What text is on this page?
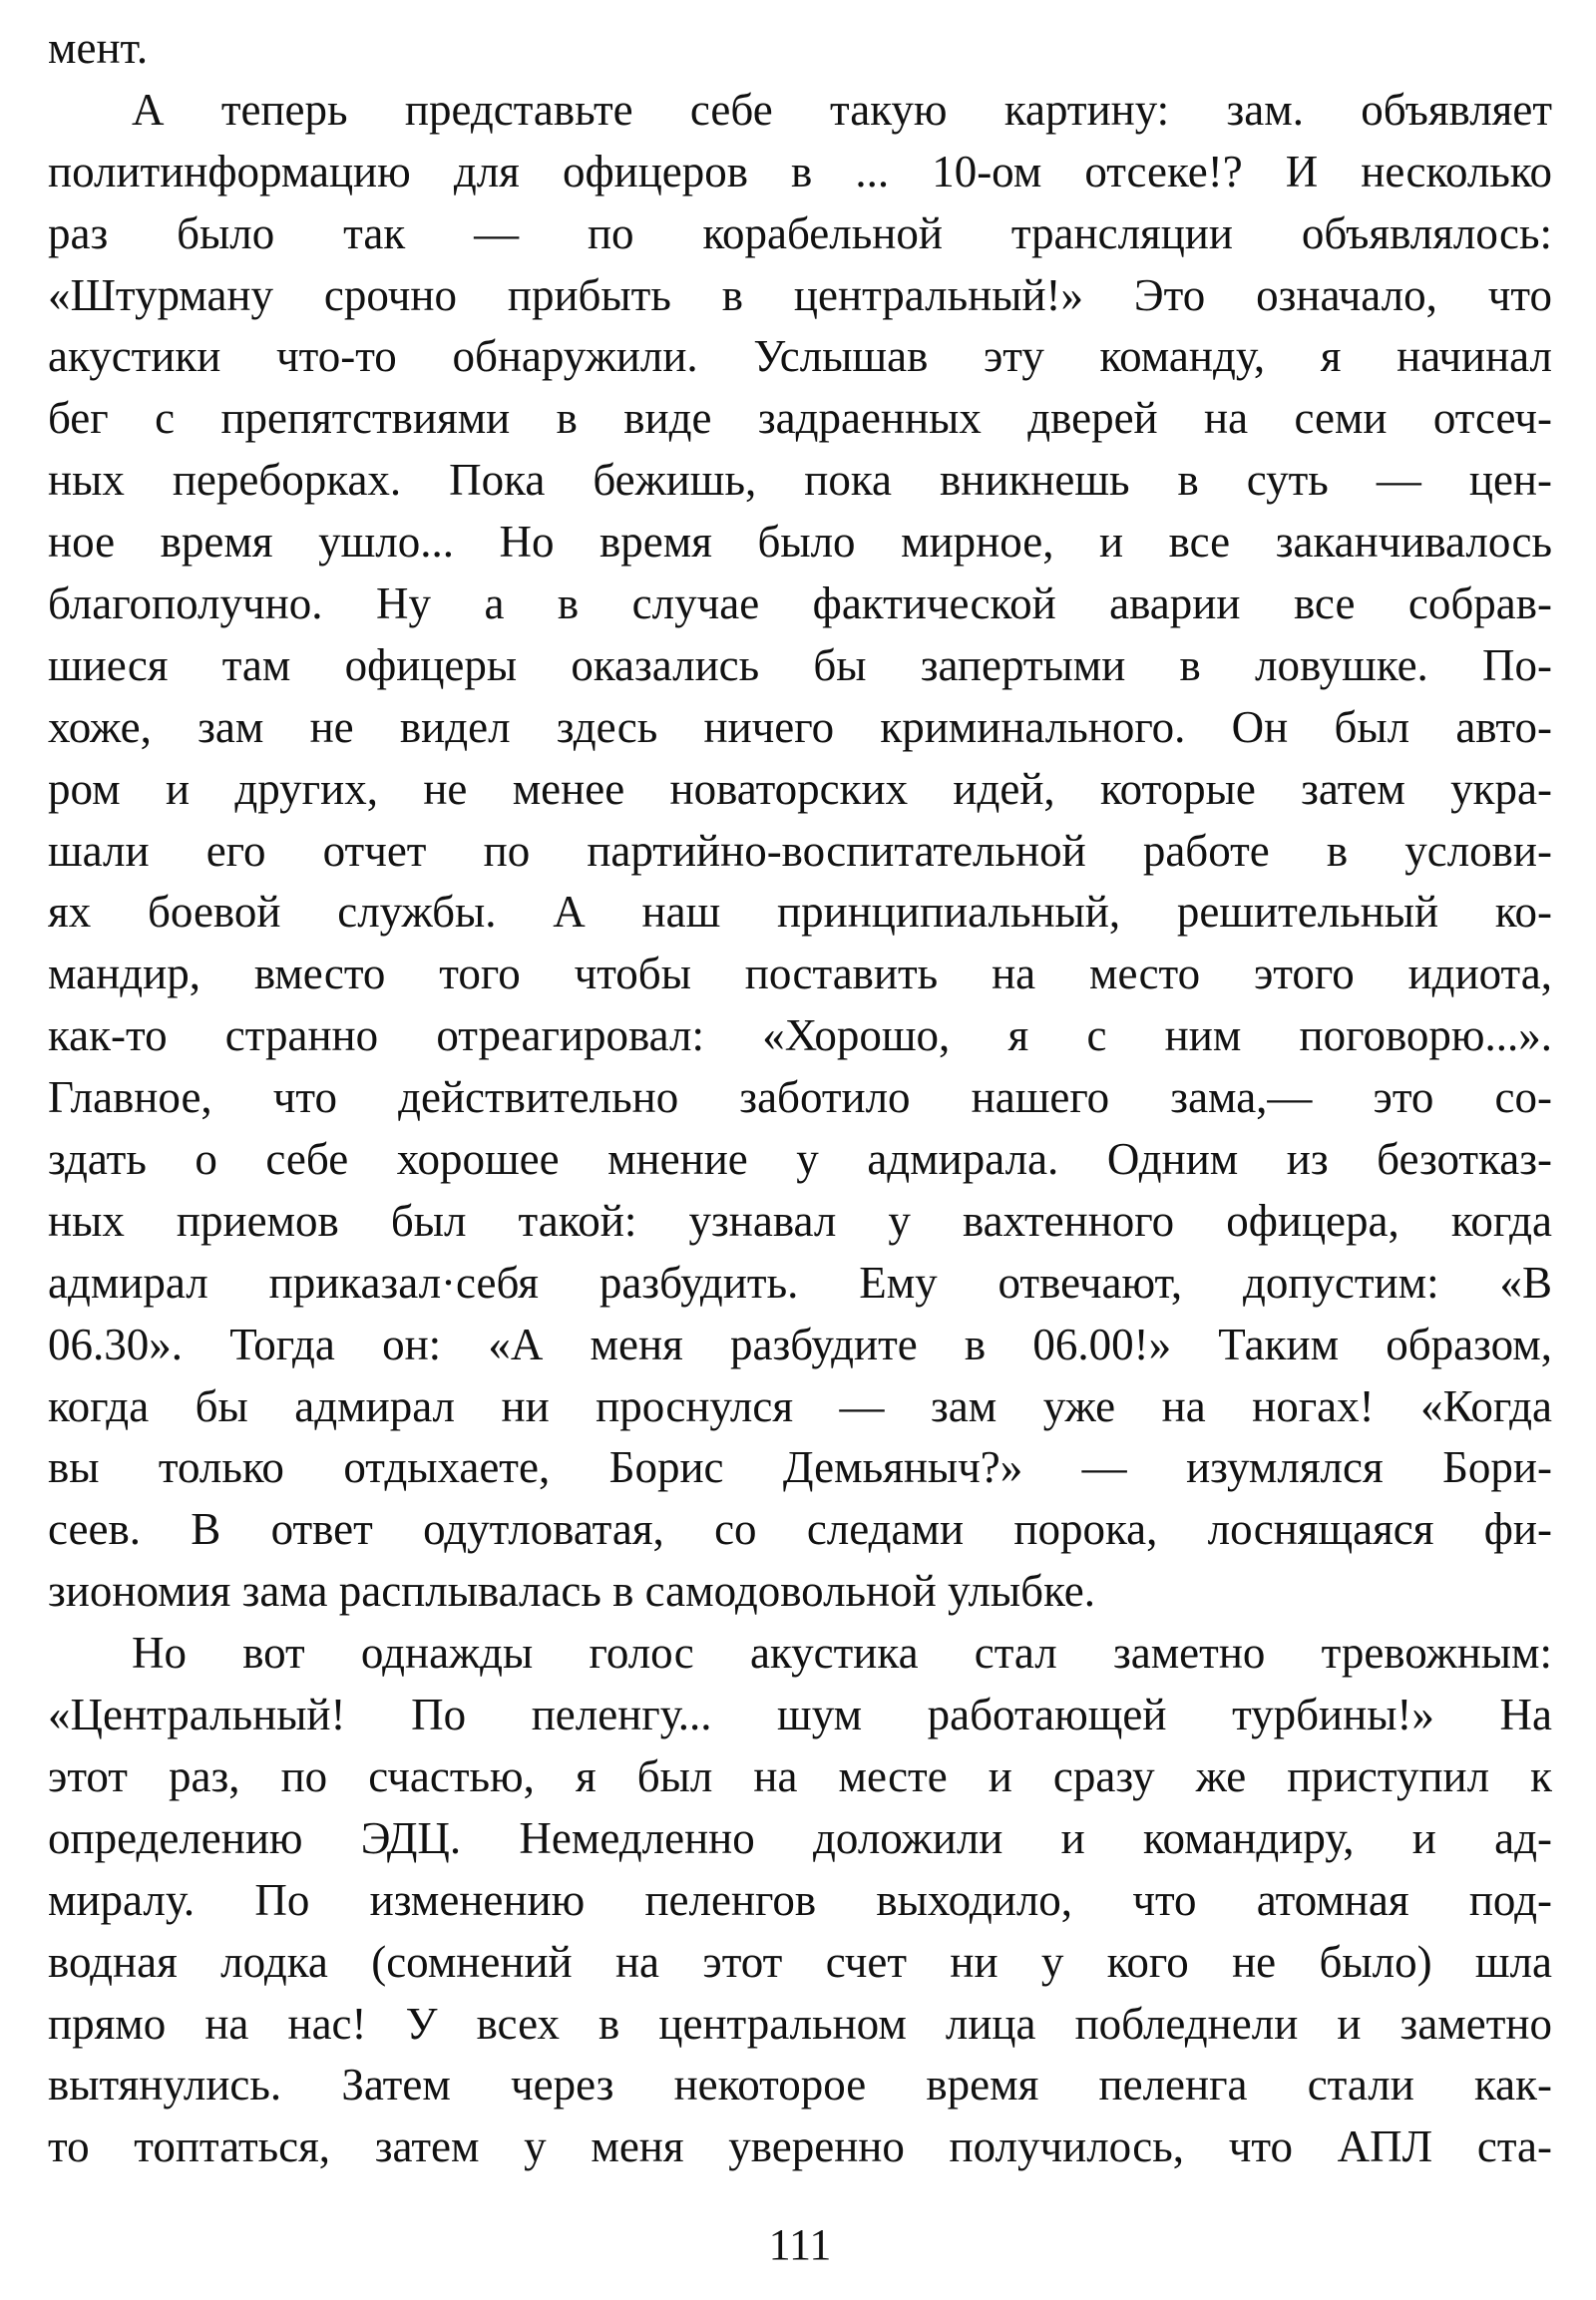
мент.
А теперь представьте себе такую картину: зам. объявляет
политинформацию для офицеров в ... 10-ом отсеке!? И несколько
раз было так — по корабельной трансляции объявлялось:
«Штурману срочно прибыть в центральный!» Это означало, что
акустики что-то обнаружили. Услышав эту команду, я начинал
бег с препятствиями в виде задраенных дверей на семи отсеч-
ных переборках. Пока бежишь, пока вникнешь в суть — цен-
ное время ушло... Но время было мирное, и все заканчивалось
благополучно. Ну а в случае фактической аварии все собрав-
шиеся там офицеры оказались бы запертыми в ловушке. По-
хоже, зам не видел здесь ничего криминального. Он был авто-
ром и других, не менее новаторских идей, которые затем укра-
шали его отчет по партийно-воспитательной работе в услови-
ях боевой службы. А наш принципиальный, решительный ко-
мандир, вместо того чтобы поставить на место этого идиота,
как-то странно отреагировал: «Хорошо, я с ним поговорю...».
Главное, что действительно заботило нашего зама,— это со-
здать о себе хорошее мнение у адмирала. Одним из безотказ-
ных приемов был такой: узнавал у вахтенного офицера, когда
адмирал приказал·себя разбудить. Ему отвечают, допустим: «В
06.30». Тогда он: «А меня разбудите в 06.00!» Таким образом,
когда бы адмирал ни проснулся — зам уже на ногах! «Когда
вы только отдыхаете, Борис Демьяныч?» — изумлялся Бори-
сеев. В ответ одутловатая, со следами порока, лоснящаяся фи-
зиономия зама расплывалась в самодовольной улыбке.
Но вот однажды голос акустика стал заметно тревожным:
«Центральный! По пеленгу... шум работающей турбины!» На
этот раз, по счастью, я был на месте и сразу же приступил к
определению ЭДЦ. Немедленно доложили и командиру, и ад-
миралу. По изменению пеленгов выходило, что атомная под-
водная лодка (сомнений на этот счет ни у кого не было) шла
прямо на нас! У всех в центральном лица побледнели и заметно
вытянулись. Затем через некоторое время пеленга стали как-
то топтаться, затем у меня уверенно получилось, что АПЛ ста-
111
